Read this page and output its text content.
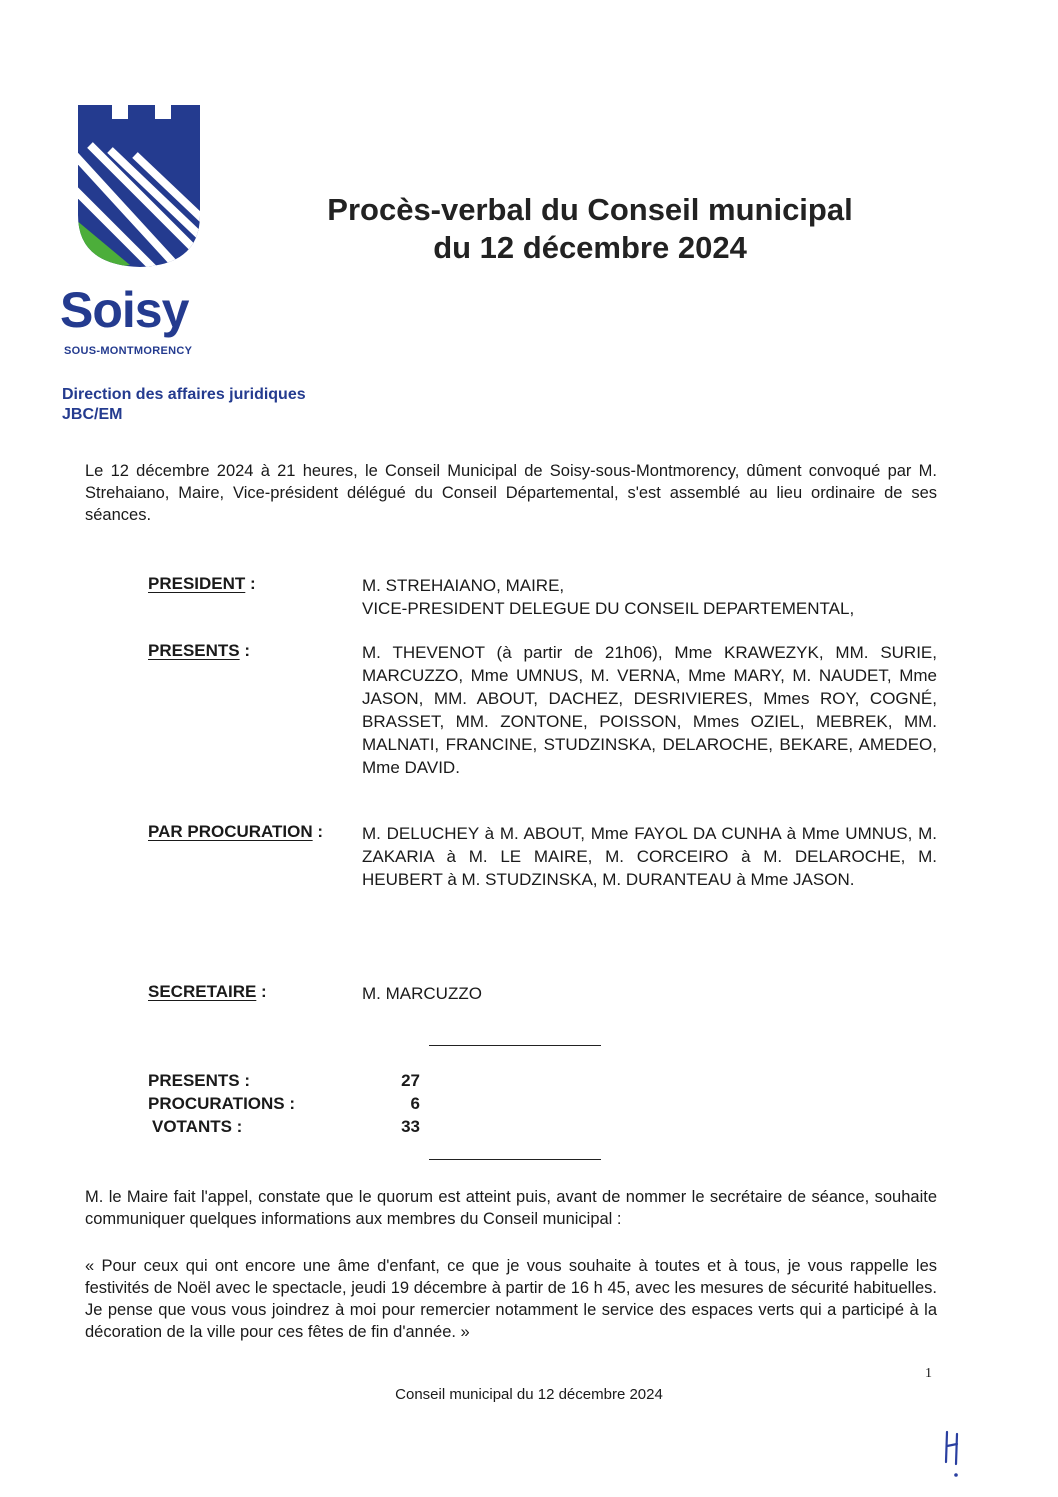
Soisy
SOUS-MONTMORENCY
Procès-verbal du Conseil municipal
du 12 décembre 2024
Direction des affaires juridiques
JBC/EM

Le 12 décembre 2024 à 21 heures, le Conseil Municipal de Soisy-sous-Montmorency, dûment convoqué par M. Strehaiano, Maire, Vice-président délégué du Conseil Départemental, s'est assemblé au lieu ordinaire de ses séances.

PRESIDENT :	M. STREHAIANO, MAIRE,
VICE-PRESIDENT DELEGUE DU CONSEIL DEPARTEMENTAL,
PRESENTS :	M. THEVENOT (à partir de 21h06), Mme KRAWEZYK, MM. SURIE, MARCUZZO, Mme UMNUS, M. VERNA, Mme MARY, M. NAUDET, Mme JASON, MM. ABOUT, DACHEZ, DESRIVIERES, Mmes ROY, COGNÉ, BRASSET, MM. ZONTONE, POISSON, Mmes OZIEL, MEBREK, MM. MALNATI, FRANCINE, STUDZINSKA, DELAROCHE, BEKARE, AMEDEO, Mme DAVID.

PAR PROCURATION : M. DELUCHEY à M. ABOUT, Mme FAYOL DA CUNHA à Mme UMNUS, M. ZAKARIA à M. LE MAIRE, M. CORCEIRO à M. DELAROCHE, M. HEUBERT à M. STUDZINSKA, M. DURANTEAU à Mme JASON.

SECRETAIRE :	M. MARCUZZO
PRESENTS :	27
PROCURATIONS :	6
VOTANTS :	33

M. le Maire fait l'appel, constate que le quorum est atteint puis, avant de nommer le secrétaire de séance, souhaite communiquer quelques informations aux membres du Conseil municipal :

« Pour ceux qui ont encore une âme d'enfant, ce que je vous souhaite à toutes et à tous, je vous rappelle les festivités de Noël avec le spectacle, jeudi 19 décembre à partir de 16 h 45, avec les mesures de sécurité habituelles. Je pense que vous vous joindrez à moi pour remercier notamment le service des espaces verts qui a participé à la décoration de la ville pour ces fêtes de fin d'année. »

1
Conseil municipal du 12 décembre 2024
